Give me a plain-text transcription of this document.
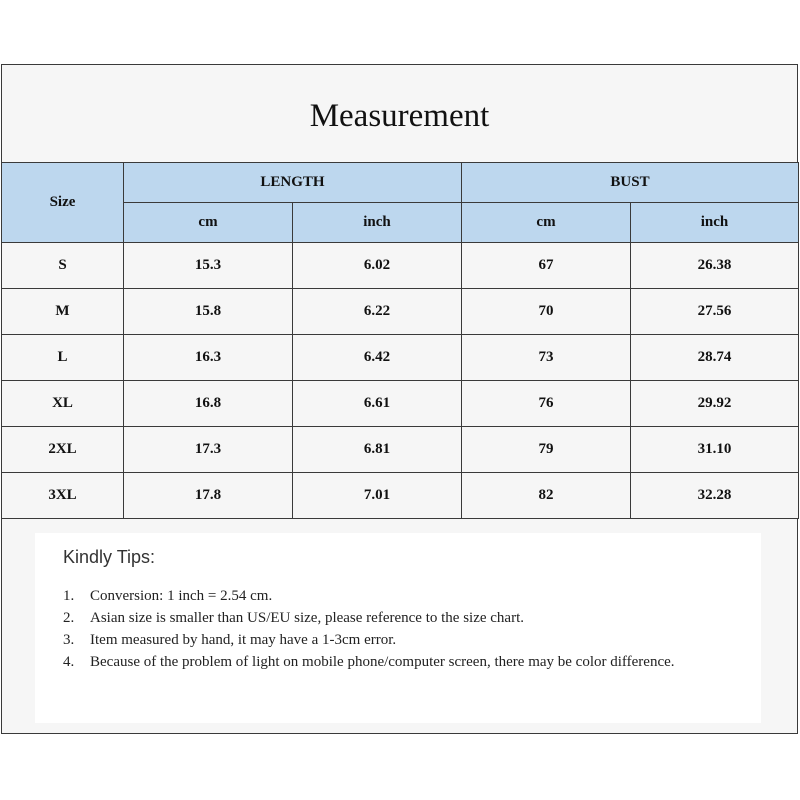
Measurement
Size	LENGTH		BUST	
	cm	inch	cm	inch
S	15.3	6.02	67	26.38
M	15.8	6.22	70	27.56
L	16.3	6.42	73	28.74
XL	16.8	6.61	76	29.92
2XL	17.3	6.81	79	31.10
3XL	17.8	7.01	82	32.28
Kindly Tips:
1.	Conversion: 1 inch = 2.54 cm.
2.	Asian size is smaller than US/EU size, please reference to the size chart.
3.	Item measured by hand, it may have a 1-3cm error.
4.	Because of the problem of light on mobile phone/computer screen, there may be color difference.
